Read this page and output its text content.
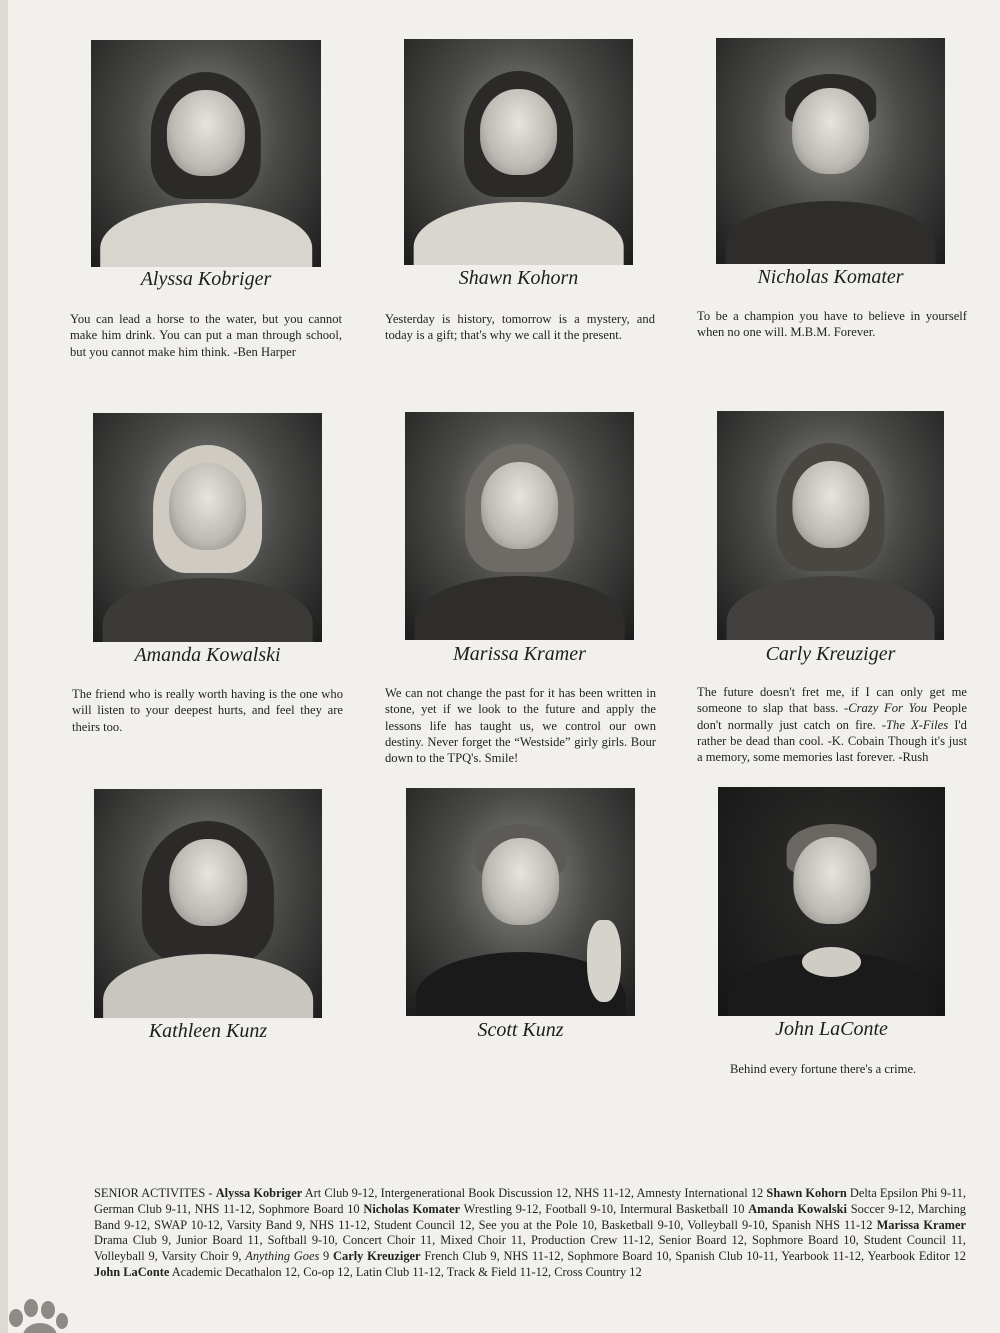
Alyssa Kobriger
You can lead a horse to the water, but you cannot make him drink. You can put a man through school, but you cannot make him think. -Ben Harper
Shawn Kohorn
Yesterday is history, tomorrow is a mystery, and today is a gift; that's why we call it the present.
Nicholas Komater
To be a champion you have to believe in yourself when no one will. M.B.M. Forever.
Amanda Kowalski
The friend who is really worth having is the one who will listen to your deepest hurts, and feel they are theirs too.
Marissa Kramer
We can not change the past for it has been written in stone, yet if we look to the future and apply the lessons life has taught us, we control our own destiny. Never forget the “Westside” girly girls. Bour down to the TPQ's. Smile!
Carly Kreuziger
The future doesn't fret me, if I can only get me someone to slap that bass. -Crazy For You People don't normally just catch on fire. -The X-Files I'd rather be dead than cool. -K. Cobain Though it's just a memory, some memories last forever. -Rush
Kathleen Kunz	Scott Kunz	John LaConte
Behind every fortune there's a crime.
SENIOR ACTIVITES - Alyssa Kobriger Art Club 9-12, Intergenerational Book Discussion 12, NHS 11-12, Amnesty International 12 Shawn Kohorn Delta Epsilon Phi 9-11, German Club 9-11, NHS 11-12, Sophmore Board 10 Nicholas Komater Wrestling 9-12, Football 9-10, Intermural Basketball 10 Amanda Kowalski Soccer 9-12, Marching Band 9-12, SWAP 10-12, Varsity Band 9, NHS 11-12, Student Council 12, See you at the Pole 10, Basketball 9-10, Volleyball 9-10, Spanish NHS 11-12 Marissa Kramer Drama Club 9, Junior Board 11, Softball 9-10, Concert Choir 11, Mixed Choir 11, Production Crew 11-12, Senior Board 12, Sophmore Board 10, Student Council 11, Volleyball 9, Varsity Choir 9, Anything Goes 9 Carly Kreuziger French Club 9, NHS 11-12, Sophmore Board 10, Spanish Club 10-11, Yearbook 11-12, Yearbook Editor 12 John LaConte Academic Decathalon 12, Co-op 12, Latin Club 11-12, Track & Field 11-12, Cross Country 12
